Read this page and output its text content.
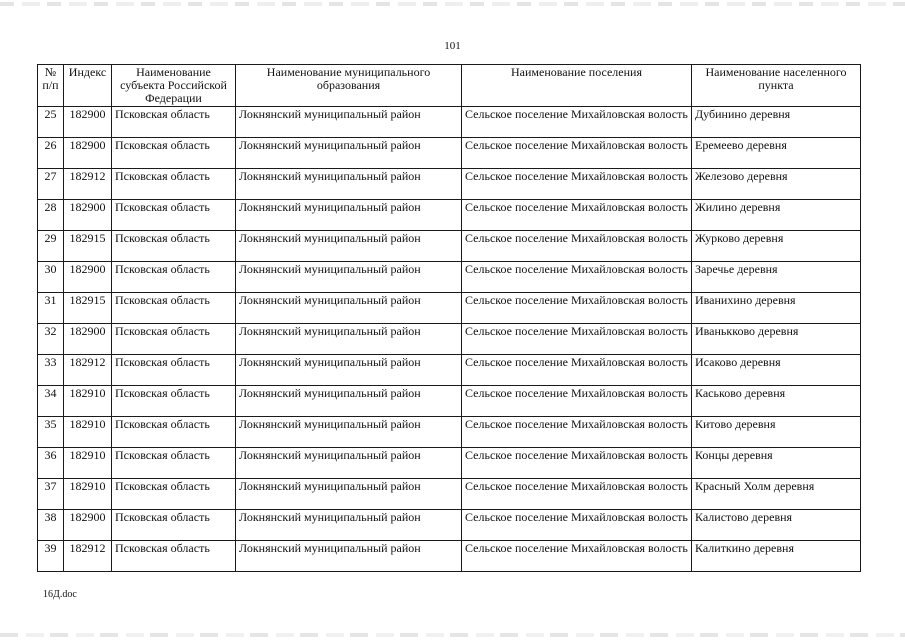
101
№ п/п	Индекс	Наименование субъекта Российской Федерации	Наименование муниципального образования	Наименование поселения	Наименование населенного пункта
25	182900	Псковская область	Локнянский муниципальный район	Сельское поселение Михайловская волость	Дубинино деревня
26	182900	Псковская область	Локнянский муниципальный район	Сельское поселение Михайловская волость	Еремеево деревня
27	182912	Псковская область	Локнянский муниципальный район	Сельское поселение Михайловская волость	Железово деревня
28	182900	Псковская область	Локнянский муниципальный район	Сельское поселение Михайловская волость	Жилино деревня
29	182915	Псковская область	Локнянский муниципальный район	Сельское поселение Михайловская волость	Журково деревня
30	182900	Псковская область	Локнянский муниципальный район	Сельское поселение Михайловская волость	Заречье деревня
31	182915	Псковская область	Локнянский муниципальный район	Сельское поселение Михайловская волость	Иванихино деревня
32	182900	Псковская область	Локнянский муниципальный район	Сельское поселение Михайловская волость	Иванькково деревня
33	182912	Псковская область	Локнянский муниципальный район	Сельское поселение Михайловская волость	Исаково деревня
34	182910	Псковская область	Локнянский муниципальный район	Сельское поселение Михайловская волость	Каськово деревня
35	182910	Псковская область	Локнянский муниципальный район	Сельское поселение Михайловская волость	Китово деревня
36	182910	Псковская область	Локнянский муниципальный район	Сельское поселение Михайловская волость	Концы деревня
37	182910	Псковская область	Локнянский муниципальный район	Сельское поселение Михайловская волость	Красный Холм деревня
38	182900	Псковская область	Локнянский муниципальный район	Сельское поселение Михайловская волость	Калистово деревня
39	182912	Псковская область	Локнянский муниципальный район	Сельское поселение Михайловская волость	Калиткино деревня
16Д.doc
